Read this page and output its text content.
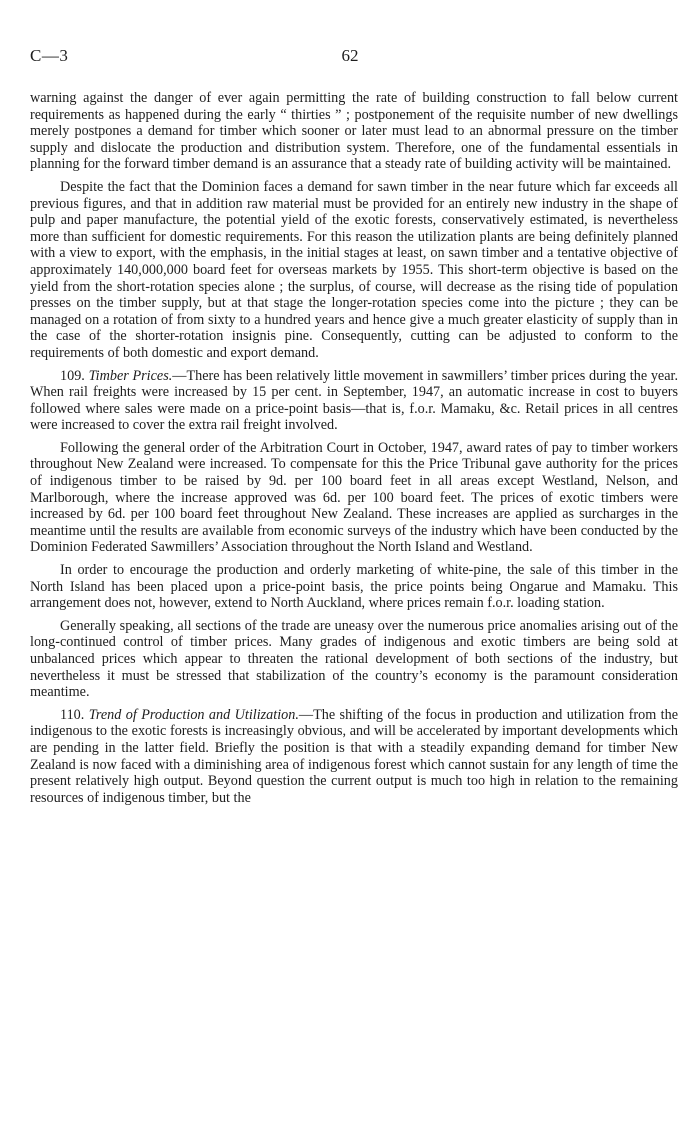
C—3	62

warning against the danger of ever again permitting the rate of building construction to fall below current requirements as happened during the early “ thirties ” ; postponement of the requisite number of new dwellings merely postpones a demand for timber which sooner or later must lead to an abnormal pressure on the timber supply and dislocate the production and distribution system. Therefore, one of the fundamental essentials in planning for the forward timber demand is an assurance that a steady rate of building activity will be maintained.

Despite the fact that the Dominion faces a demand for sawn timber in the near future which far exceeds all previous figures, and that in addition raw material must be provided for an entirely new industry in the shape of pulp and paper manufacture, the potential yield of the exotic forests, conservatively estimated, is nevertheless more than sufficient for domestic requirements. For this reason the utilization plants are being definitely planned with a view to export, with the emphasis, in the initial stages at least, on sawn timber and a tentative objective of approximately 140,000,000 board feet for overseas markets by 1955. This short-term objective is based on the yield from the short-rotation species alone ; the surplus, of course, will decrease as the rising tide of population presses on the timber supply, but at that stage the longer-rotation species come into the picture ; they can be managed on a rotation of from sixty to a hundred years and hence give a much greater elasticity of supply than in the case of the shorter-rotation insignis pine. Consequently, cutting can be adjusted to conform to the requirements of both domestic and export demand.

109. Timber Prices.—There has been relatively little movement in sawmillers’ timber prices during the year. When rail freights were increased by 15 per cent. in September, 1947, an automatic increase in cost to buyers followed where sales were made on a price-point basis—that is, f.o.r. Mamaku, &c. Retail prices in all centres were increased to cover the extra rail freight involved.

Following the general order of the Arbitration Court in October, 1947, award rates of pay to timber workers throughout New Zealand were increased. To compensate for this the Price Tribunal gave authority for the prices of indigenous timber to be raised by 9d. per 100 board feet in all areas except Westland, Nelson, and Marlborough, where the increase approved was 6d. per 100 board feet. The prices of exotic timbers were increased by 6d. per 100 board feet throughout New Zealand. These increases are applied as surcharges in the meantime until the results are available from economic surveys of the industry which have been conducted by the Dominion Federated Sawmillers’ Association throughout the North Island and Westland.

In order to encourage the production and orderly marketing of white-pine, the sale of this timber in the North Island has been placed upon a price-point basis, the price points being Ongarue and Mamaku. This arrangement does not, however, extend to North Auckland, where prices remain f.o.r. loading station.

Generally speaking, all sections of the trade are uneasy over the numerous price anomalies arising out of the long-continued control of timber prices. Many grades of indigenous and exotic timbers are being sold at unbalanced prices which appear to threaten the rational development of both sections of the industry, but nevertheless it must be stressed that stabilization of the country’s economy is the paramount consideration meantime.

110. Trend of Production and Utilization.—The shifting of the focus in production and utilization from the indigenous to the exotic forests is increasingly obvious, and will be accelerated by important developments which are pending in the latter field. Briefly the position is that with a steadily expanding demand for timber New Zealand is now faced with a diminishing area of indigenous forest which cannot sustain for any length of time the present relatively high output. Beyond question the current output is much too high in relation to the remaining resources of indigenous timber, but the
